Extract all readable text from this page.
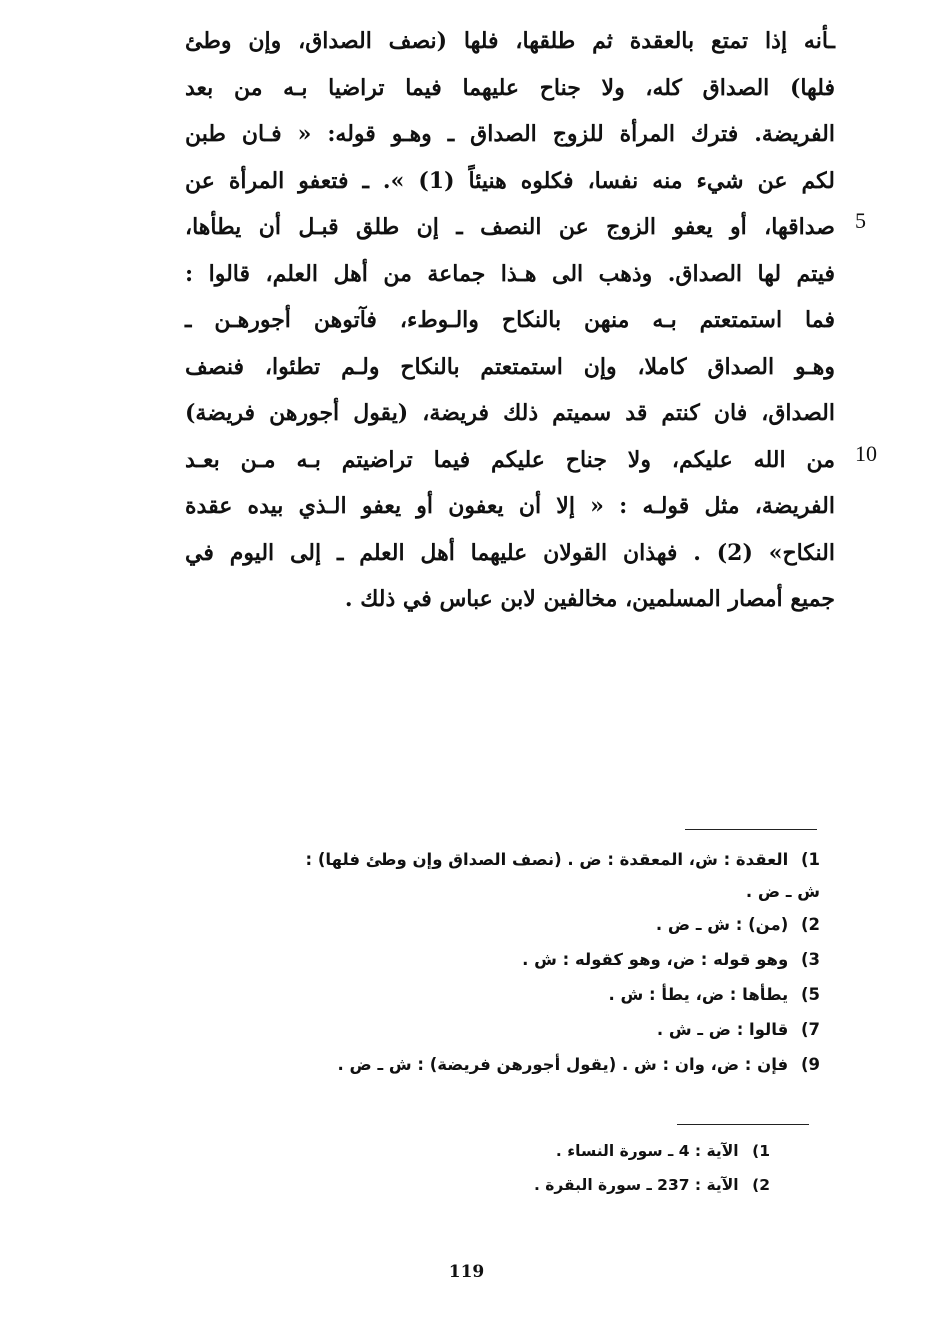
ـأنه إذا تمتع بالعقدة ثم طلقها، فلها (نصف الصداق، وإن وطئ
فلها) الصداق كله، ولا جناح عليهما فيما تراضيا بـه من بعد
الفريضة. فترك المرأة للزوج الصداق ـ وهـو قوله: « فـان طبن
لكم عن شيء منه نفسا، فكلوه هنيئاً (1) ». ـ فتعفو المرأة عن
صداقها، أو يعفو الزوج عن النصف ـ إن طلق قبـل أن يطأها،
فيتم لها الصداق. وذهب الى هـذا جماعة من أهل العلم، قالوا :
فما استمتعتم بـه منهن بالنكاح والـوطء، فآتوهن أجورهـن ـ
وهـو الصداق كاملا، وإن استمتعتم بالنكاح ولـم تطئوا، فنصف
الصداق، فان كنتم قد سميتم ذلك فريضة، (يقول أجورهن فريضة)
من الله عليكم، ولا جناح عليكم فيما تراضيتم بـه مـن بعـد
الفريضة، مثل قولـه : « إلا أن يعفون أو يعفو الـذي بيده عقدة
النكاح» (2) . فهذان القولان عليهما أهل العلم ـ إلى اليوم في
جميع أمصار المسلمين، مخالفين لابن عباس في ذلك .
5
10
1) العقدة : ش، المعقدة : ض . (نصف الصداق وإن وطئ فلها) :
ش ـ ض .
2) (من) : ش ـ ض .
3) وهو قوله : ض، وهو كقوله : ش .
5) يطأها : ض، يطأ : ش .
7) قالوا : ض ـ ش .
9) فإن : ض، وان : ش . (يقول أجورهن فريضة) : ش ـ ض .
1) الآية : 4 ـ سورة النساء .
2) الآية : 237 ـ سورة البقرة .
119
